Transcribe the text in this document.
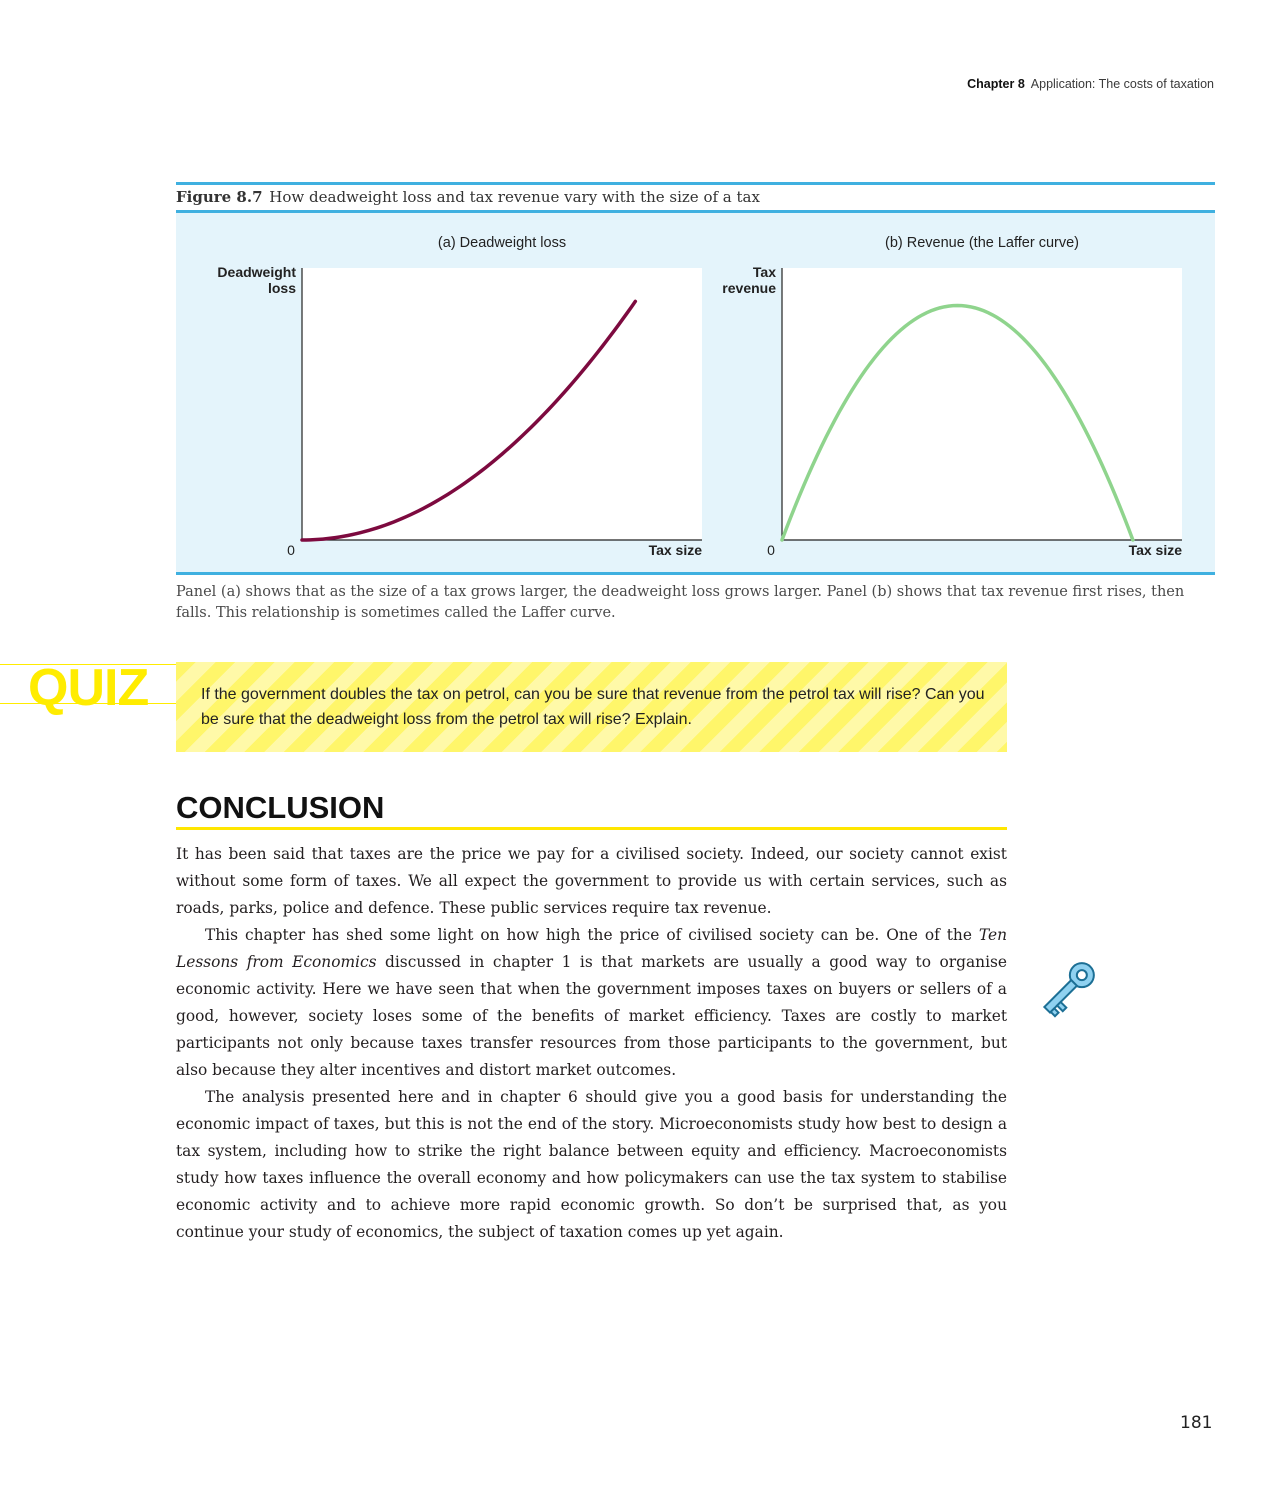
Chapter 8 Application: The costs of taxation
Figure 8.7 How deadweight loss and tax revenue vary with the size of a tax
(a) Deadweight loss
Deadweight
loss
Tax size
0
(b) Revenue (the Laffer curve)
Tax
revenue
Tax size
0
Panel (a) shows that as the size of a tax grows larger, the deadweight loss grows larger. Panel (b) shows that tax revenue first rises, then falls. This relationship is sometimes called the Laffer curve.
QUIZ	If the government doubles the tax on petrol, can you be sure that revenue from the petrol tax will rise? Can you be sure that the deadweight loss from the petrol tax will rise? Explain.
CONCLUSION

It has been said that taxes are the price we pay for a civilised society. Indeed, our society cannot exist without some form of taxes. We all expect the government to provide us with certain services, such as roads, parks, police and defence. These public services require tax revenue.

This chapter has shed some light on how high the price of civilised society can be. One of the Ten Lessons from Economics discussed in chapter 1 is that markets are usually a good way to organise economic activity. Here we have seen that when the government imposes taxes on buyers or sellers of a good, however, society loses some of the benefits of market efficiency. Taxes are costly to market participants not only because taxes transfer resources from those participants to the government, but also because they alter incentives and distort market outcomes.

The analysis presented here and in chapter 6 should give you a good basis for understanding the economic impact of taxes, but this is not the end of the story. Microeconomists study how best to design a tax system, including how to strike the right balance between equity and efficiency. Macroeconomists study how taxes influence the overall economy and how policymakers can use the tax system to stabilise economic activity and to achieve more rapid economic growth. So don’t be surprised that, as you continue your study of economics, the subject of taxation comes up yet again.

181
